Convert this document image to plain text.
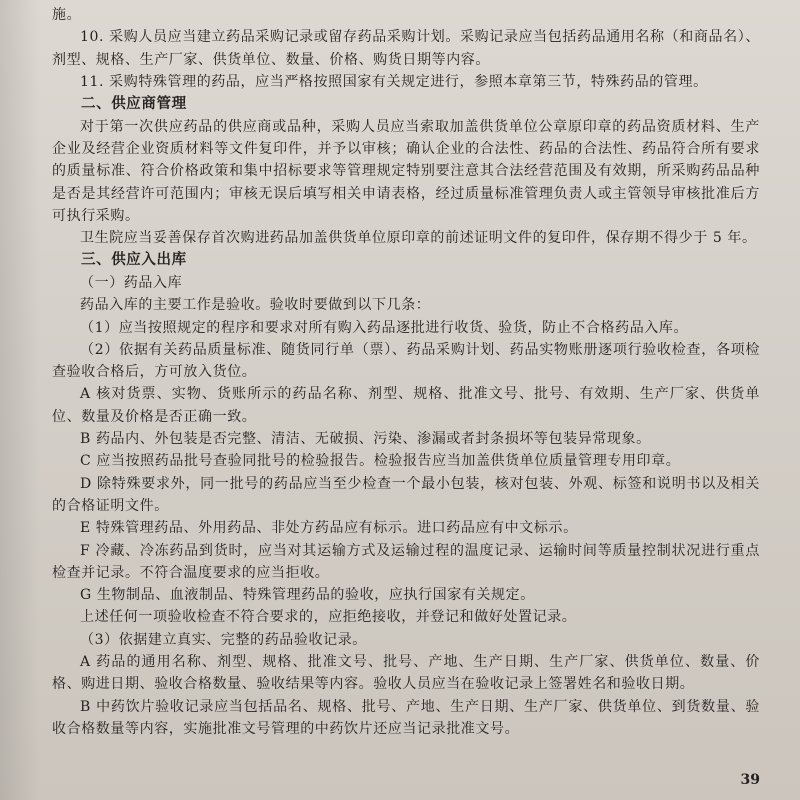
施。

10. 采购人员应当建立药品采购记录或留存药品采购计划。采购记录应当包括药品通用名称（和商品名）、剂型、规格、生产厂家、供货单位、数量、价格、购货日期等内容。

11. 采购特殊管理的药品，应当严格按照国家有关规定进行，参照本章第三节，特殊药品的管理。

二、供应商管理

对于第一次供应药品的供应商或品种，采购人员应当索取加盖供货单位公章原印章的药品资质材料、生产企业及经营企业资质材料等文件复印件，并予以审核；确认企业的合法性、药品的合法性、药品符合所有要求的质量标准、符合价格政策和集中招标要求等管理规定特别要注意其合法经营范围及有效期，所采购药品品种是否是其经营许可范围内；审核无误后填写相关申请表格，经过质量标准管理负责人或主管领导审核批准后方可执行采购。

卫生院应当妥善保存首次购进药品加盖供货单位原印章的前述证明文件的复印件，保存期不得少于 5 年。

三、供应入出库

（一）药品入库

药品入库的主要工作是验收。验收时要做到以下几条：

（1）应当按照规定的程序和要求对所有购入药品逐批进行收货、验货，防止不合格药品入库。

（2）依据有关药品质量标准、随货同行单（票）、药品采购计划、药品实物账册逐项行验收检查，各项检查验收合格后，方可放入货位。

A 核对货票、实物、货账所示的药品名称、剂型、规格、批准文号、批号、有效期、生产厂家、供货单位、数量及价格是否正确一致。

B 药品内、外包装是否完整、清洁、无破损、污染、渗漏或者封条损坏等包装异常现象。

C 应当按照药品批号查验同批号的检验报告。检验报告应当加盖供货单位质量管理专用印章。

D 除特殊要求外，同一批号的药品应当至少检查一个最小包装，核对包装、外观、标签和说明书以及相关的合格证明文件。

E 特殊管理药品、外用药品、非处方药品应有标示。进口药品应有中文标示。

F 冷藏、冷冻药品到货时，应当对其运输方式及运输过程的温度记录、运输时间等质量控制状况进行重点检查并记录。不符合温度要求的应当拒收。

G 生物制品、血液制品、特殊管理药品的验收，应执行国家有关规定。

上述任何一项验收检查不符合要求的，应拒绝接收，并登记和做好处置记录。

（3）依据建立真实、完整的药品验收记录。

A 药品的通用名称、剂型、规格、批准文号、批号、产地、生产日期、生产厂家、供货单位、数量、价格、购进日期、验收合格数量、验收结果等内容。验收人员应当在验收记录上签署姓名和验收日期。

B 中药饮片验收记录应当包括品名、规格、批号、产地、生产日期、生产厂家、供货单位、到货数量、验收合格数量等内容，实施批准文号管理的中药饮片还应当记录批准文号。

39
